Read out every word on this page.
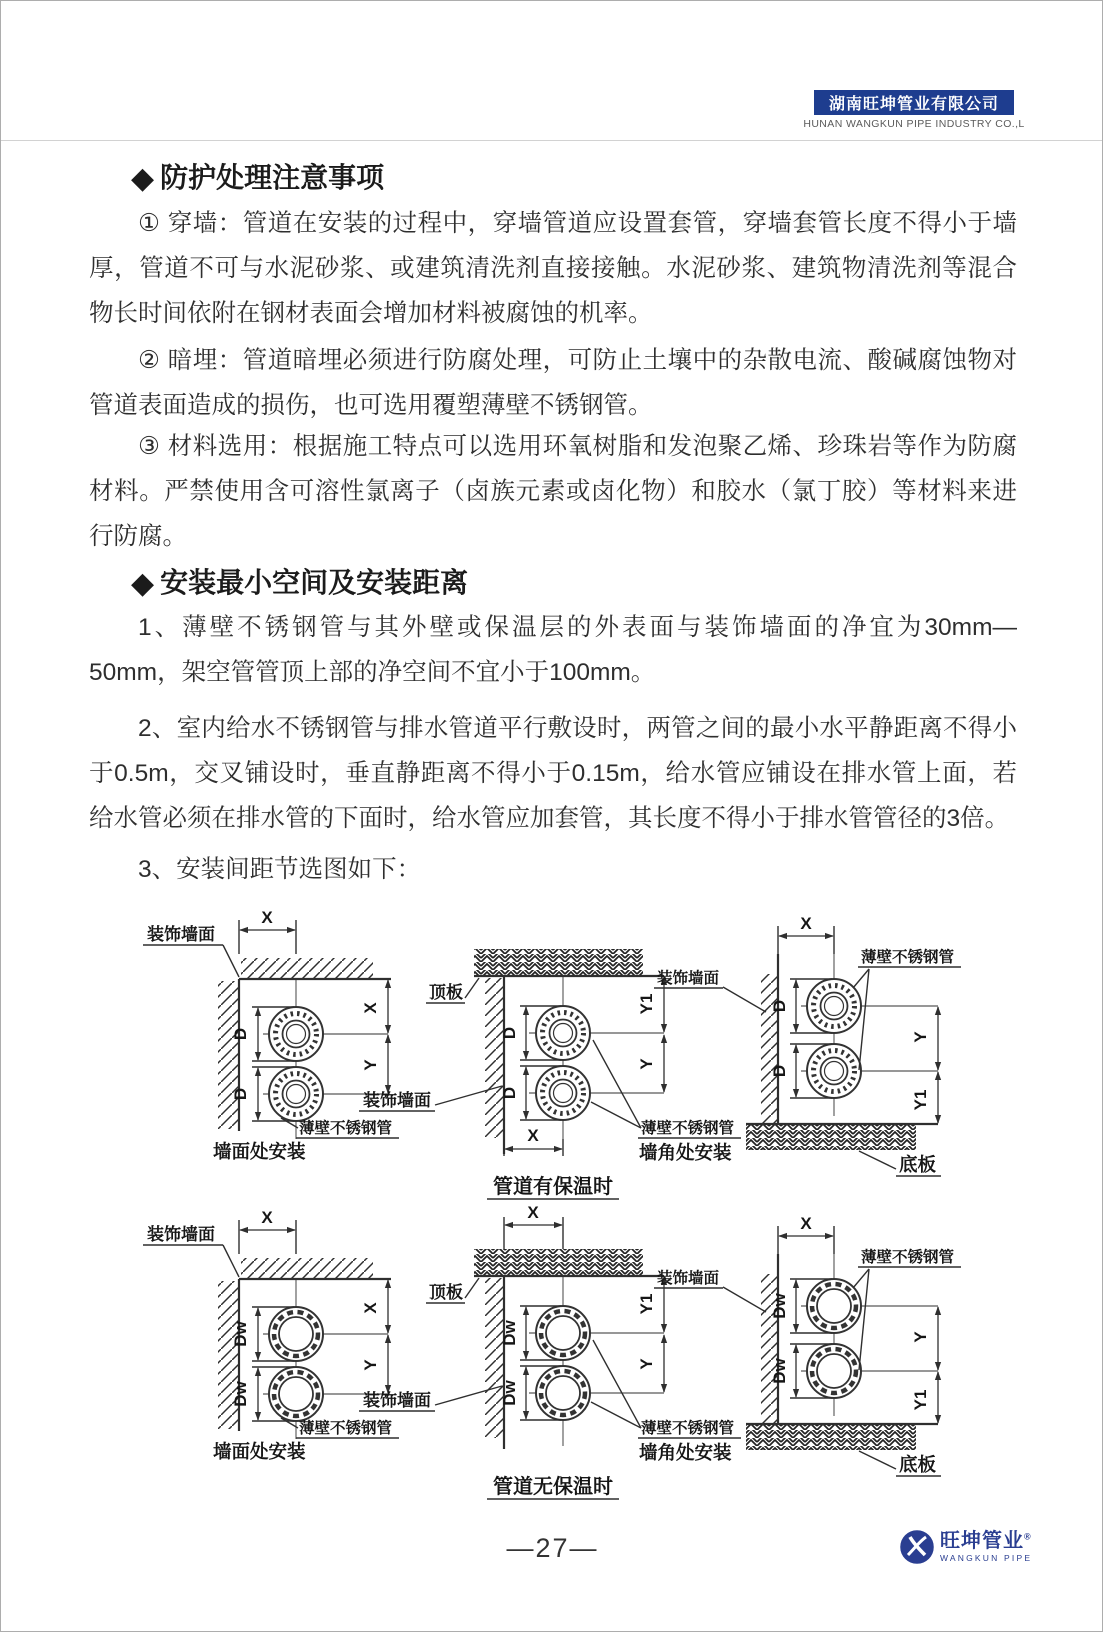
湖南旺坤管业有限公司
HUNAN WANGKUN PIPE INDUSTRY CO.,L
◆ 防护处理注意事项
① 穿墙：管道在安装的过程中，穿墙管道应设置套管，穿墙套管长度不得小于墙厚，管道不可与水泥砂浆、或建筑清洗剂直接接触。水泥砂浆、建筑物清洗剂等混合物长时间依附在钢材表面会增加材料被腐蚀的机率。
② 暗埋：管道暗埋必须进行防腐处理，可防止土壤中的杂散电流、酸碱腐蚀物对管道表面造成的损伤，也可选用覆塑薄壁不锈钢管。
③ 材料选用：根据施工特点可以选用环氧树脂和发泡聚乙烯、珍珠岩等作为防腐材料。严禁使用含可溶性氯离子（卤族元素或卤化物）和胶水（氯丁胶）等材料来进行防腐。
◆ 安装最小空间及安装距离
1、薄壁不锈钢管与其外壁或保温层的外表面与装饰墙面的净宜为30mm—50mm，架空管管顶上部的净空间不宜小于100mm。
2、室内给水不锈钢管与排水管道平行敷设时，两管之间的最小水平静距离不得小于0.5m，交叉铺设时，垂直静距离不得小于0.15m，给水管应铺设在排水管上面，若给水管必须在排水管的下面时，给水管应加套管，其长度不得小于排水管管径的3倍。
3、安装间距节选图如下：
D
D
X
X
Y
装饰墙面
薄壁不锈钢管
墙面处安装
D
D
Y1
Y
X
顶板
装饰墙面
薄壁不锈钢管
墙角处安装
X
D
D
Y
Y1
薄壁不锈钢管
装饰墙面
底板
管道有保温时
Dw
Dw
X
X
Y
装饰墙面
薄壁不锈钢管
墙面处安装
X
Dw
Dw
Y1
Y
顶板
装饰墙面
薄壁不锈钢管
墙角处安装
X
Dw
Dw
Y
Y1
薄壁不锈钢管
装饰墙面
底板
管道无保温时
—27—	旺坤管业®
WANGKUN PIPE
